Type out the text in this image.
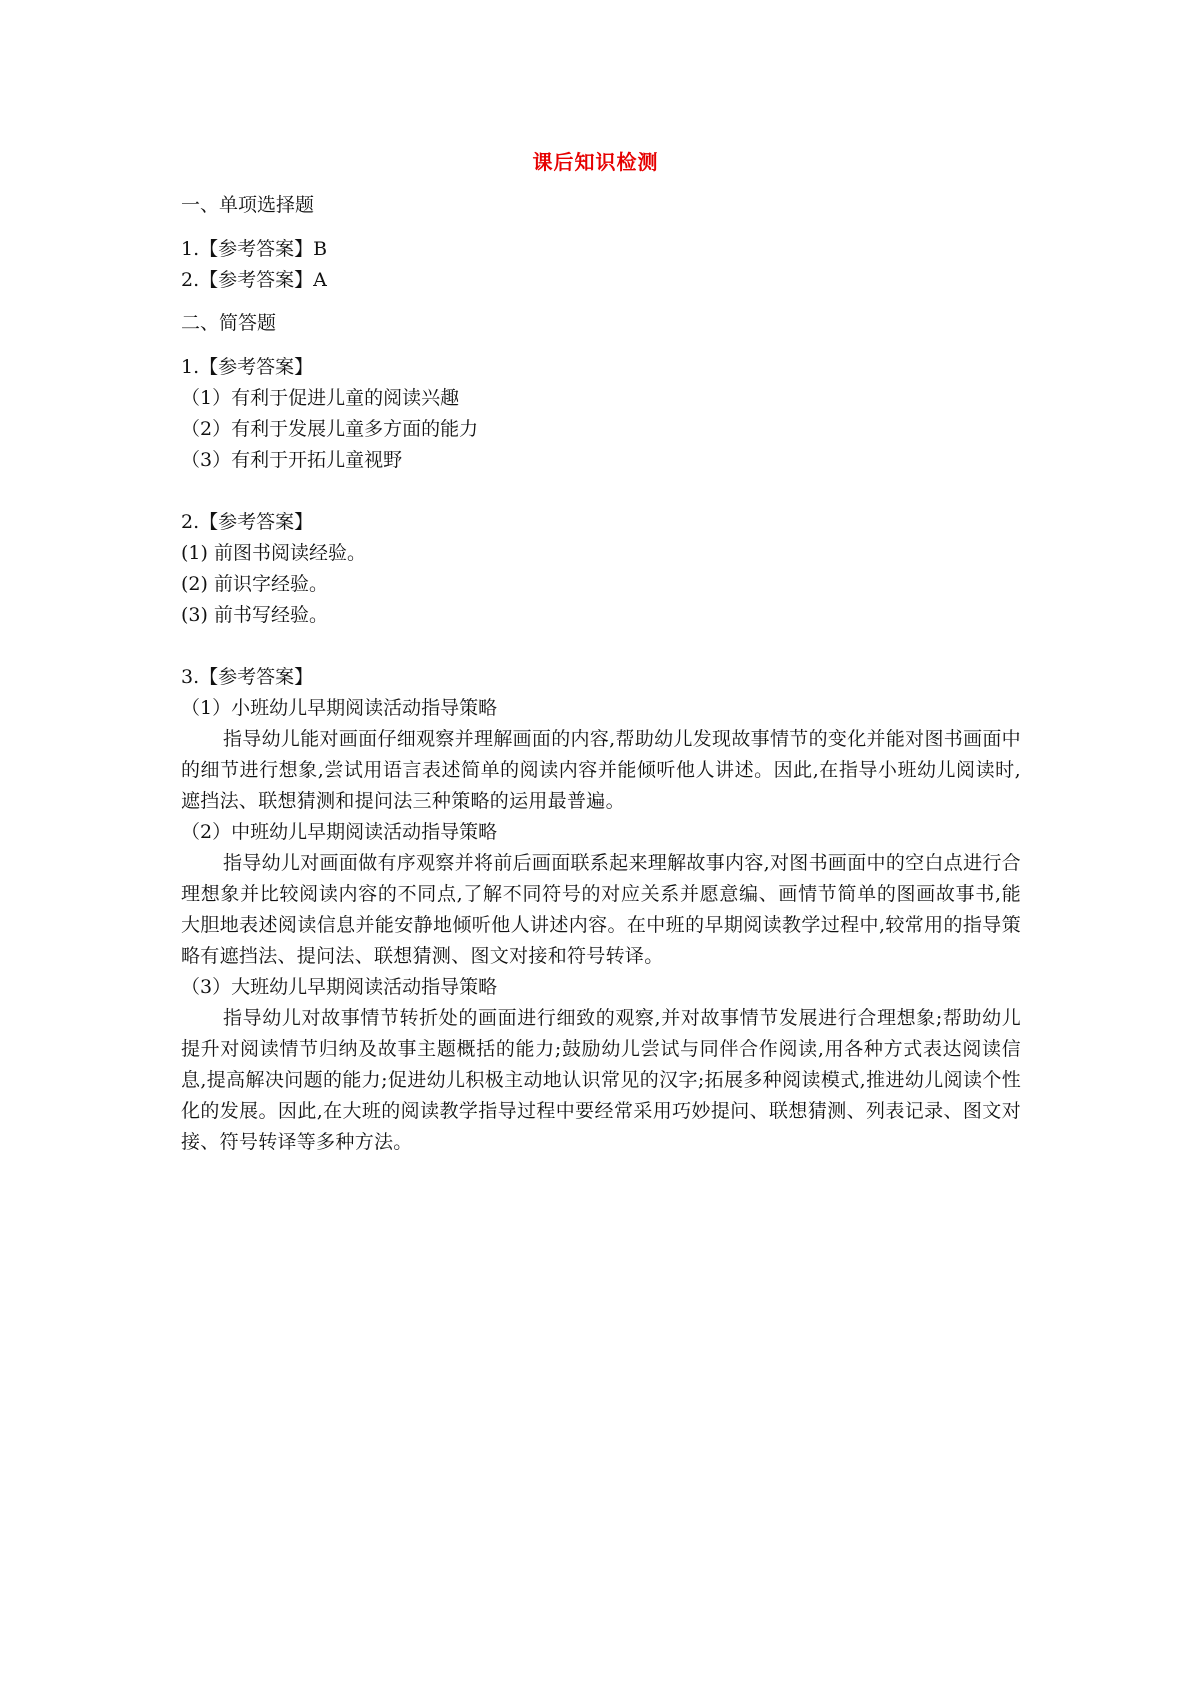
课后知识检测
一、单项选择题
1.【参考答案】B
2.【参考答案】A
二、简答题
1.【参考答案】
（1）有利于促进儿童的阅读兴趣
（2）有利于发展儿童多方面的能力
（3）有利于开拓儿童视野
2.【参考答案】
(1) 前图书阅读经验。
(2) 前识字经验。
(3) 前书写经验。
3.【参考答案】
（1）小班幼儿早期阅读活动指导策略
指导幼儿能对画面仔细观察并理解画面的内容,帮助幼儿发现故事情节的变化并能对图书画面中的细节进行想象,尝试用语言表述简单的阅读内容并能倾听他人讲述。因此,在指导小班幼儿阅读时,遮挡法、联想猜测和提问法三种策略的运用最普遍。
（2）中班幼儿早期阅读活动指导策略
指导幼儿对画面做有序观察并将前后画面联系起来理解故事内容,对图书画面中的空白点进行合理想象并比较阅读内容的不同点,了解不同符号的对应关系并愿意编、画情节简单的图画故事书,能大胆地表述阅读信息并能安静地倾听他人讲述内容。在中班的早期阅读教学过程中,较常用的指导策略有遮挡法、提问法、联想猜测、图文对接和符号转译。
（3）大班幼儿早期阅读活动指导策略
指导幼儿对故事情节转折处的画面进行细致的观察,并对故事情节发展进行合理想象;帮助幼儿提升对阅读情节归纳及故事主题概括的能力;鼓励幼儿尝试与同伴合作阅读,用各种方式表达阅读信息,提高解决问题的能力;促进幼儿积极主动地认识常见的汉字;拓展多种阅读模式,推进幼儿阅读个性化的发展。因此,在大班的阅读教学指导过程中要经常采用巧妙提问、联想猜测、列表记录、图文对接、符号转译等多种方法。
